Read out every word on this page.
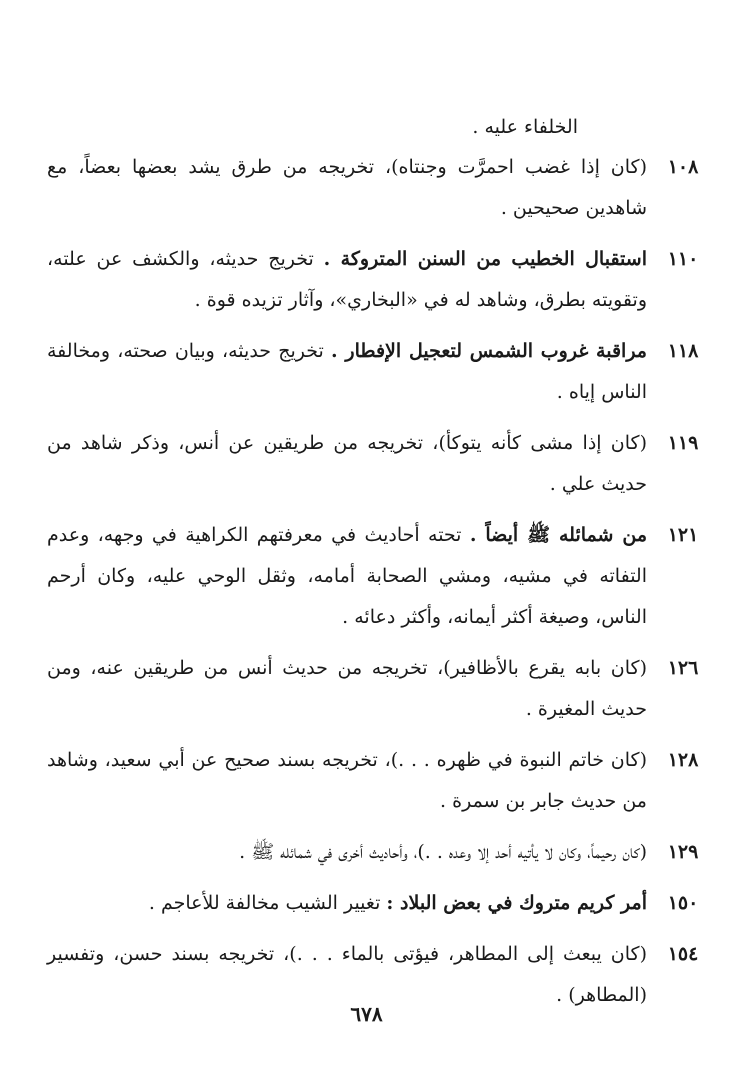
الخلفاء عليه .
١٠٨
(كان إذا غضب احمرَّت وجنتاه)، تخريجه من طرق يشد بعضها بعضاً، مع شاهدين صحيحين .
١١٠
استقبال الخطيب من السنن المتروكة . تخريج حديثه، والكشف عن علته، وتقويته بطرق، وشاهد له في «البخاري»، وآثار تزيده قوة .
١١٨
مراقبة غروب الشمس لتعجيل الإفطار . تخريج حديثه، وبيان صحته، ومخالفة الناس إياه .
١١٩
(كان إذا مشى كأنه يتوكأ)، تخريجه من طريقين عن أنس، وذكر شاهد من حديث علي .
١٢١
من شمائله ﷺ أيضاً . تحته أحاديث في معرفتهم الكراهية في وجهه، وعدم التفاته في مشيه، ومشي الصحابة أمامه، وثقل الوحي عليه، وكان أرحم الناس، وصيغة أكثر أيمانه، وأكثر دعائه .
١٢٦
(كان بابه يقرع بالأظافير)، تخريجه من حديث أنس من طريقين عنه، ومن حديث المغيرة .
١٢٨
(كان خاتم النبوة في ظهره . . .)، تخريجه بسند صحيح عن أبي سعيد، وشاهد من حديث جابر بن سمرة .
١٢٩
(كان رحيماً، وكان لا يأتيه أحد إلا وعده . .)، وأحاديث أخرى في شمائله ﷺ .
١٥٠
أمر كريم متروك في بعض البلاد : تغيير الشيب مخالفة للأعاجم .
١٥٤
(كان يبعث إلى المطاهر، فيؤتى بالماء . . .)، تخريجه بسند حسن، وتفسير (المطاهر) .
٦٧٨
